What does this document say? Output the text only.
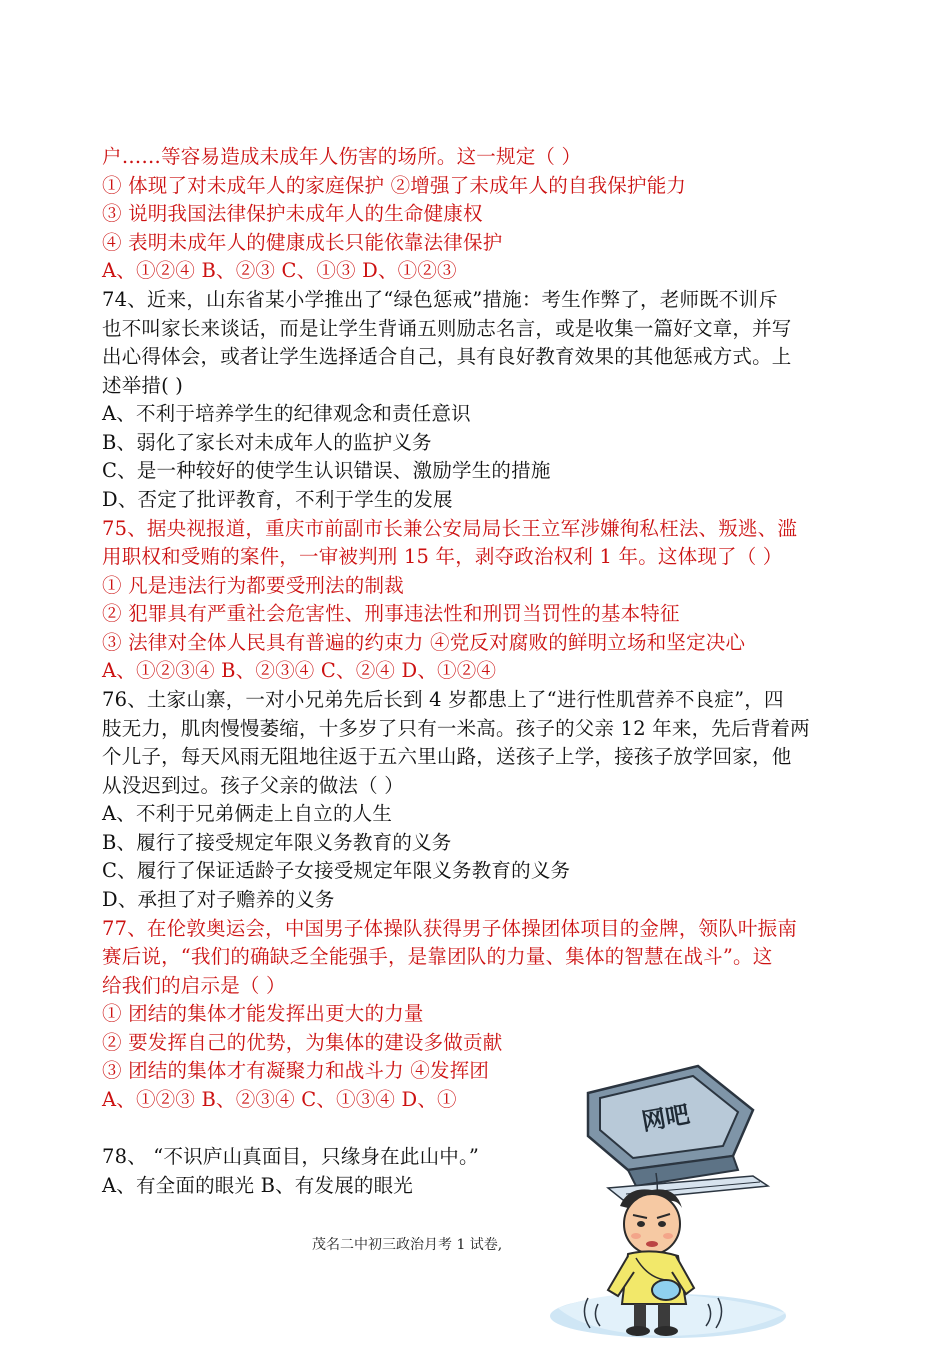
户……等容易造成未成年人伤害的场所。这一规定（ ）
① 体现了对未成年人的家庭保护 ②增强了未成年人的自我保护能力
③ 说明我国法律保护未成年人的生命健康权
④ 表明未成年人的健康成长只能依靠法律保护
A、①②④ B、②③ C、①③ D、①②③
74、近来，山东省某小学推出了“绿色惩戒”措施：考生作弊了，老师既不训斥
也不叫家长来谈话，而是让学生背诵五则励志名言，或是收集一篇好文章，并写
出心得体会，或者让学生选择适合自己，具有良好教育效果的其他惩戒方式。上
述举措( )
A、不利于培养学生的纪律观念和责任意识
B、弱化了家长对未成年人的监护义务
C、是一种较好的使学生认识错误、激励学生的措施
D、否定了批评教育，不利于学生的发展
75、据央视报道，重庆市前副市长兼公安局局长王立军涉嫌徇私枉法、叛逃、滥
用职权和受贿的案件，一审被判刑 15 年，剥夺政治权利 1 年。这体现了（ ）
① 凡是违法行为都要受刑法的制裁
② 犯罪具有严重社会危害性、刑事违法性和刑罚当罚性的基本特征
③ 法律对全体人民具有普遍的约束力 ④党反对腐败的鲜明立场和坚定决心
A、①②③④ B、②③④ C、②④ D、①②④
76、土家山寨，一对小兄弟先后长到 4 岁都患上了“进行性肌营养不良症”，四
肢无力，肌肉慢慢萎缩，十多岁了只有一米高。孩子的父亲 12 年来，先后背着两
个儿子，每天风雨无阻地往返于五六里山路，送孩子上学，接孩子放学回家，他
从没迟到过。孩子父亲的做法（ ）
A、不利于兄弟俩走上自立的人生
B、履行了接受规定年限义务教育的义务
C、履行了保证适龄子女接受规定年限义务教育的义务
D、承担了对子赡养的义务
77、在伦敦奥运会，中国男子体操队获得男子体操团体项目的金牌，领队叶振南
赛后说，“我们的确缺乏全能强手，是靠团队的力量、集体的智慧在战斗”。这
给我们的启示是（ ）
① 团结的集体才能发挥出更大的力量
② 要发挥自己的优势，为集体的建设多做贡献
③ 团结的集体才有凝聚力和战斗力 ④发挥团
A、①②③ B、②③④ C、①③④ D、①
78、 “不识庐山真面目，只缘身在此山中。”
A、有全面的眼光 B、有发展的眼光
茂名二中初三政治月考 1 试卷,
网吧
